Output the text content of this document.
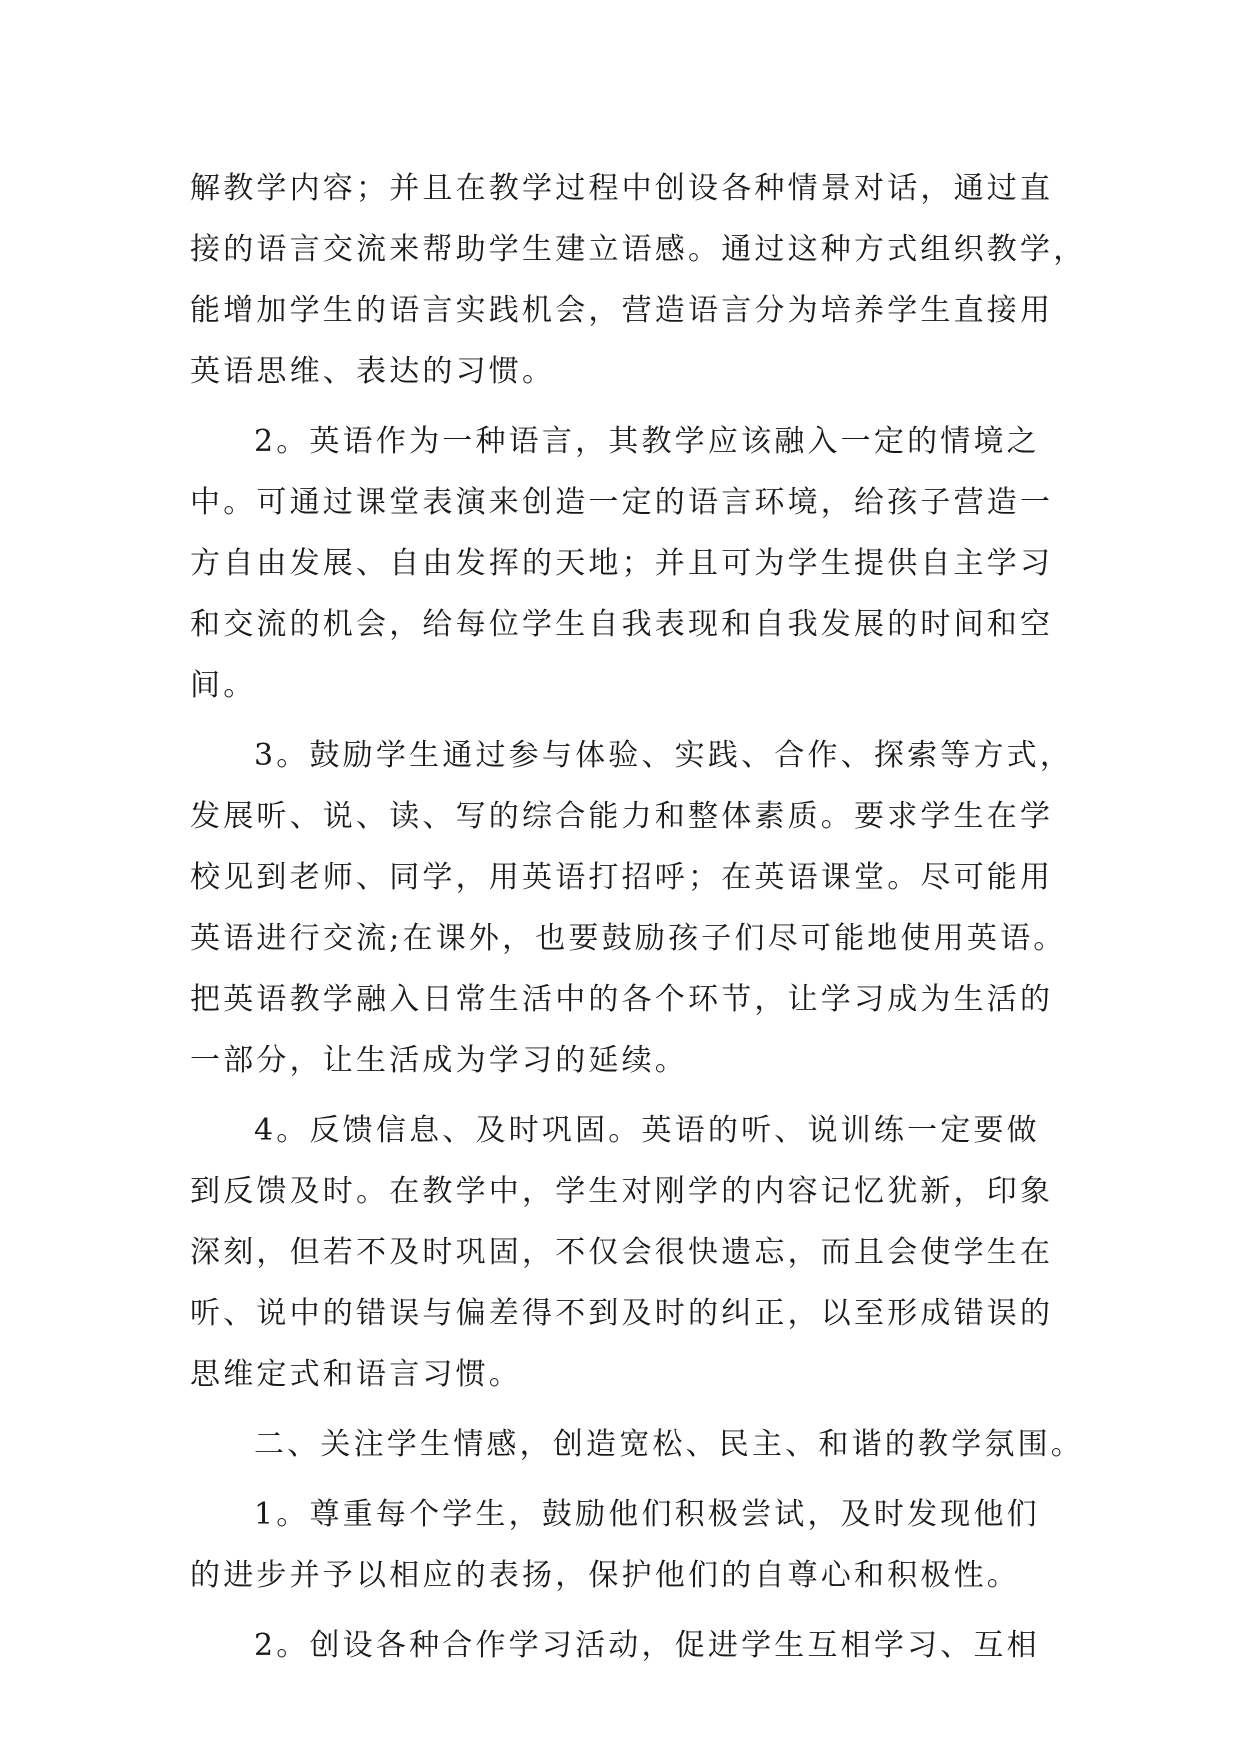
解教学内容；并且在教学过程中创设各种情景对话，通过直
接的语言交流来帮助学生建立语感。通过这种方式组织教学，
能增加学生的语言实践机会，营造语言分为培养学生直接用
英语思维、表达的习惯。
2。英语作为一种语言，其教学应该融入一定的情境之
中。可通过课堂表演来创造一定的语言环境，给孩子营造一
方自由发展、自由发挥的天地；并且可为学生提供自主学习
和交流的机会，给每位学生自我表现和自我发展的时间和空
间。
3。鼓励学生通过参与体验、实践、合作、探索等方式，
发展听、说、读、写的综合能力和整体素质。要求学生在学
校见到老师、同学，用英语打招呼；在英语课堂。尽可能用
英语进行交流;在课外，也要鼓励孩子们尽可能地使用英语。
把英语教学融入日常生活中的各个环节，让学习成为生活的
一部分，让生活成为学习的延续。
4。反馈信息、及时巩固。英语的听、说训练一定要做
到反馈及时。在教学中，学生对刚学的内容记忆犹新，印象
深刻，但若不及时巩固，不仅会很快遗忘，而且会使学生在
听、说中的错误与偏差得不到及时的纠正，以至形成错误的
思维定式和语言习惯。
二、关注学生情感，创造宽松、民主、和谐的教学氛围。
1。尊重每个学生，鼓励他们积极尝试，及时发现他们
的进步并予以相应的表扬，保护他们的自尊心和积极性。
2。创设各种合作学习活动，促进学生互相学习、互相
